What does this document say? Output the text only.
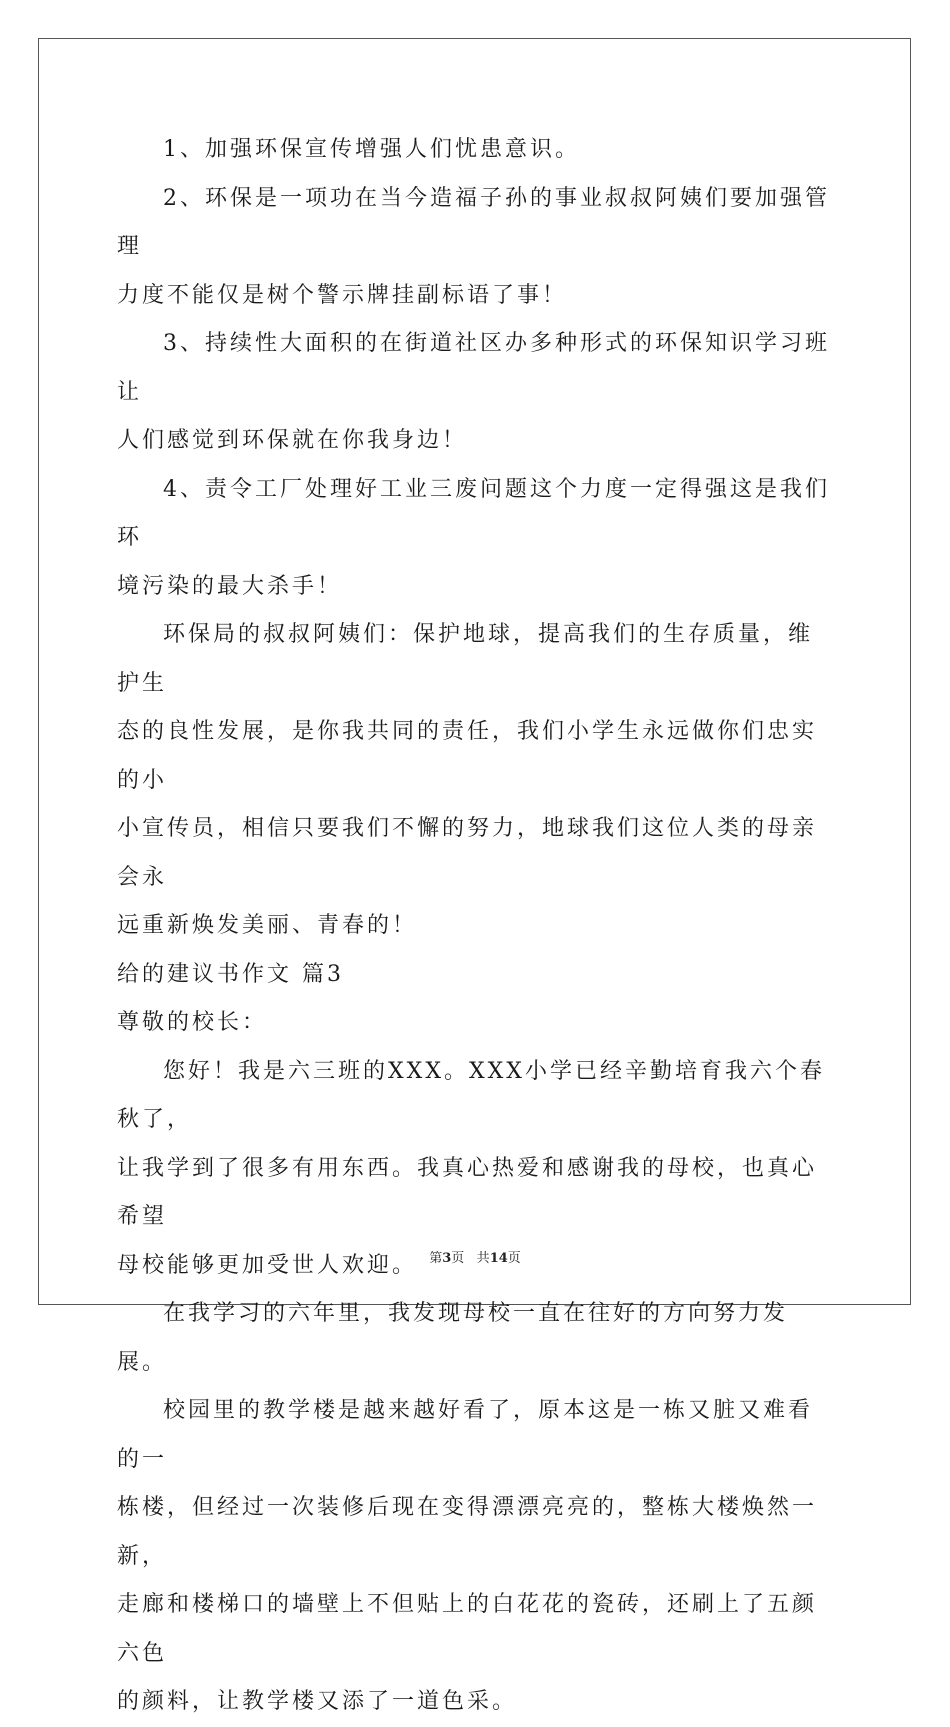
1、加强环保宣传增强人们忧患意识。

2、环保是一项功在当今造福子孙的事业叔叔阿姨们要加强管理

力度不能仅是树个警示牌挂副标语了事！

3、持续性大面积的在街道社区办多种形式的环保知识学习班让

人们感觉到环保就在你我身边！

4、责令工厂处理好工业三废问题这个力度一定得强这是我们环

境污染的最大杀手！

环保局的叔叔阿姨们：保护地球，提高我们的生存质量，维护生

态的良性发展，是你我共同的责任，我们小学生永远做你们忠实的小

小宣传员，相信只要我们不懈的努力，地球我们这位人类的母亲会永

远重新焕发美丽、青春的！

给的建议书作文 篇3

尊敬的校长：

您好！我是六三班的XXX。XXX小学已经辛勤培育我六个春秋了，

让我学到了很多有用东西。我真心热爱和感谢我的母校，也真心希望

母校能够更加受世人欢迎。

在我学习的六年里，我发现母校一直在往好的方向努力发展。

校园里的教学楼是越来越好看了，原本这是一栋又脏又难看的一

栋楼，但经过一次装修后现在变得漂漂亮亮的，整栋大楼焕然一新，

走廊和楼梯口的墙壁上不但贴上的白花花的瓷砖，还刷上了五颜六色

的颜料，让教学楼又添了一道色采。

第3页 共14页
